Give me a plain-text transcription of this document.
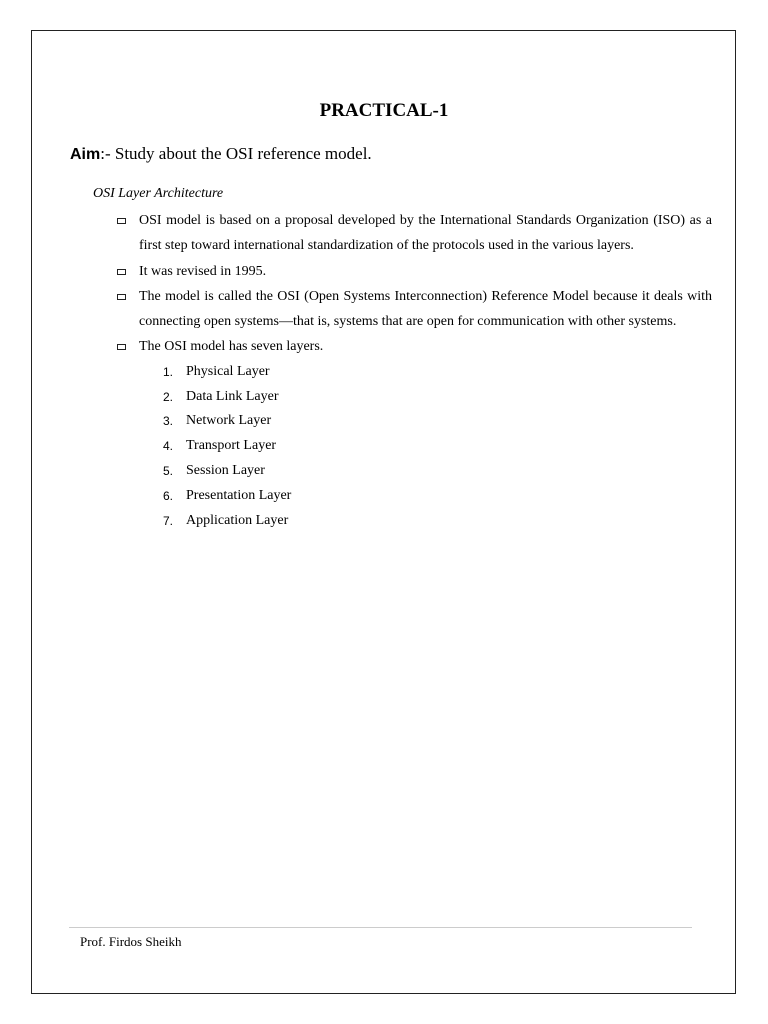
PRACTICAL-1
Aim:- Study about the OSI reference model.
OSI Layer Architecture
OSI model is based on a proposal developed by the International Standards Organization (ISO) as a first step toward international standardization of the protocols used in the various layers.
It was revised in 1995.
The model is called the OSI (Open Systems Interconnection) Reference Model because it deals with connecting open systems—that is, systems that are open for communication with other systems.
The OSI model has seven layers.
1. Physical Layer
2. Data Link Layer
3. Network Layer
4. Transport Layer
5. Session Layer
6. Presentation Layer
7. Application Layer
Prof. Firdos Sheikh
